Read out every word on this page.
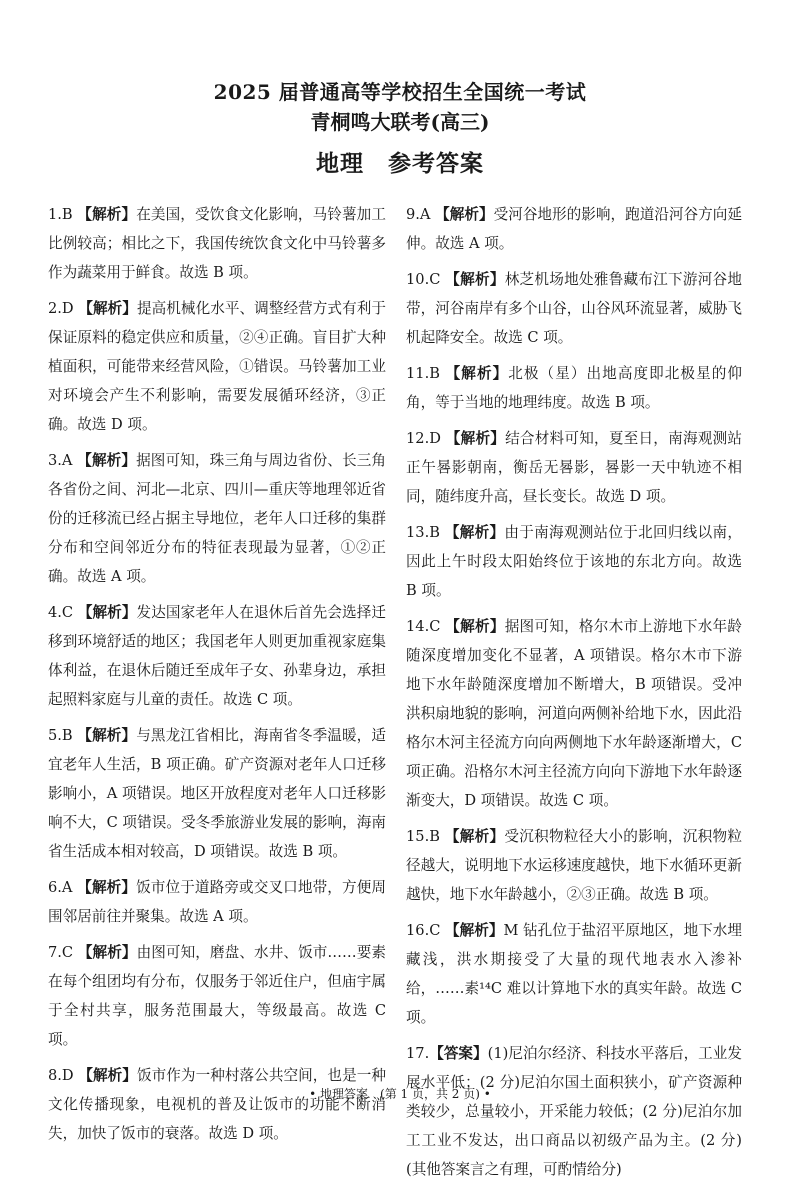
2025 届普通高等学校招生全国统一考试
青桐鸣大联考(高三)
地理　参考答案

1.B 【解析】在美国，受饮食文化影响，马铃薯加工比例较高；相比之下，我国传统饮食文化中马铃薯多作为蔬菜用于鲜食。故选 B 项。

2.D 【解析】提高机械化水平、调整经营方式有利于保证原料的稳定供应和质量，②④正确。盲目扩大种植面积，可能带来经营风险，①错误。马铃薯加工业对环境会产生不利影响，需要发展循环经济，③正确。故选 D 项。

3.A 【解析】据图可知，珠三角与周边省份、长三角各省份之间、河北—北京、四川—重庆等地理邻近省份的迁移流已经占据主导地位，老年人口迁移的集群分布和空间邻近分布的特征表现最为显著，①②正确。故选 A 项。

4.C 【解析】发达国家老年人在退休后首先会选择迁移到环境舒适的地区；我国老年人则更加重视家庭集体利益，在退休后随迁至成年子女、孙辈身边，承担起照料家庭与儿童的责任。故选 C 项。

5.B 【解析】与黑龙江省相比，海南省冬季温暖，适宜老年人生活，B 项正确。矿产资源对老年人口迁移影响小，A 项错误。地区开放程度对老年人口迁移影响不大，C 项错误。受冬季旅游业发展的影响，海南省生活成本相对较高，D 项错误。故选 B 项。

6.A 【解析】饭市位于道路旁或交叉口地带，方便周围邻居前往并聚集。故选 A 项。

7.C 【解析】由图可知，磨盘、水井、饭市……要素在每个组团均有分布，仅服务于邻近住户，但庙宇属于全村共享，服务范围最大，等级最高。故选 C 项。

8.D 【解析】饭市作为一种村落公共空间，也是一种文化传播现象，电视机的普及让饭市的功能不断消失，加快了饭市的衰落。故选 D 项。

9.A 【解析】受河谷地形的影响，跑道沿河谷方向延伸。故选 A 项。

10.C 【解析】林芝机场地处雅鲁藏布江下游河谷地带，河谷南岸有多个山谷，山谷风环流显著，威胁飞机起降安全。故选 C 项。

11.B 【解析】北极（星）出地高度即北极星的仰角，等于当地的地理纬度。故选 B 项。

12.D 【解析】结合材料可知，夏至日，南海观测站正午晷影朝南，衡岳无晷影，晷影一天中轨迹不相同，随纬度升高，昼长变长。故选 D 项。

13.B 【解析】由于南海观测站位于北回归线以南，因此上午时段太阳始终位于该地的东北方向。故选 B 项。

14.C 【解析】据图可知，格尔木市上游地下水年龄随深度增加变化不显著，A 项错误。格尔木市下游地下水年龄随深度增加不断增大，B 项错误。受冲洪积扇地貌的影响，河道向两侧补给地下水，因此沿格尔木河主径流方向向两侧地下水年龄逐渐增大，C 项正确。沿格尔木河主径流方向向下游地下水年龄逐渐变大，D 项错误。故选 C 项。

15.B 【解析】受沉积物粒径大小的影响，沉积物粒径越大，说明地下水运移速度越快，地下水循环更新越快，地下水年龄越小，②③正确。故选 B 项。

16.C 【解析】M 钻孔位于盐沼平原地区，地下水埋藏浅，洪水期接受了大量的现代地表水入渗补给，……素¹⁴C 难以计算地下水的真实年龄。故选 C 项。

17.【答案】(1)尼泊尔经济、科技水平落后，工业发展水平低；(2 分)尼泊尔国土面积狭小，矿产资源种类较少，总量较小，开采能力较低；(2 分)尼泊尔加工工业不发达，出口商品以初级产品为主。(2 分)(其他答案言之有理，可酌情给分)

• 地理答案　(第 1 页，共 2 页) •
